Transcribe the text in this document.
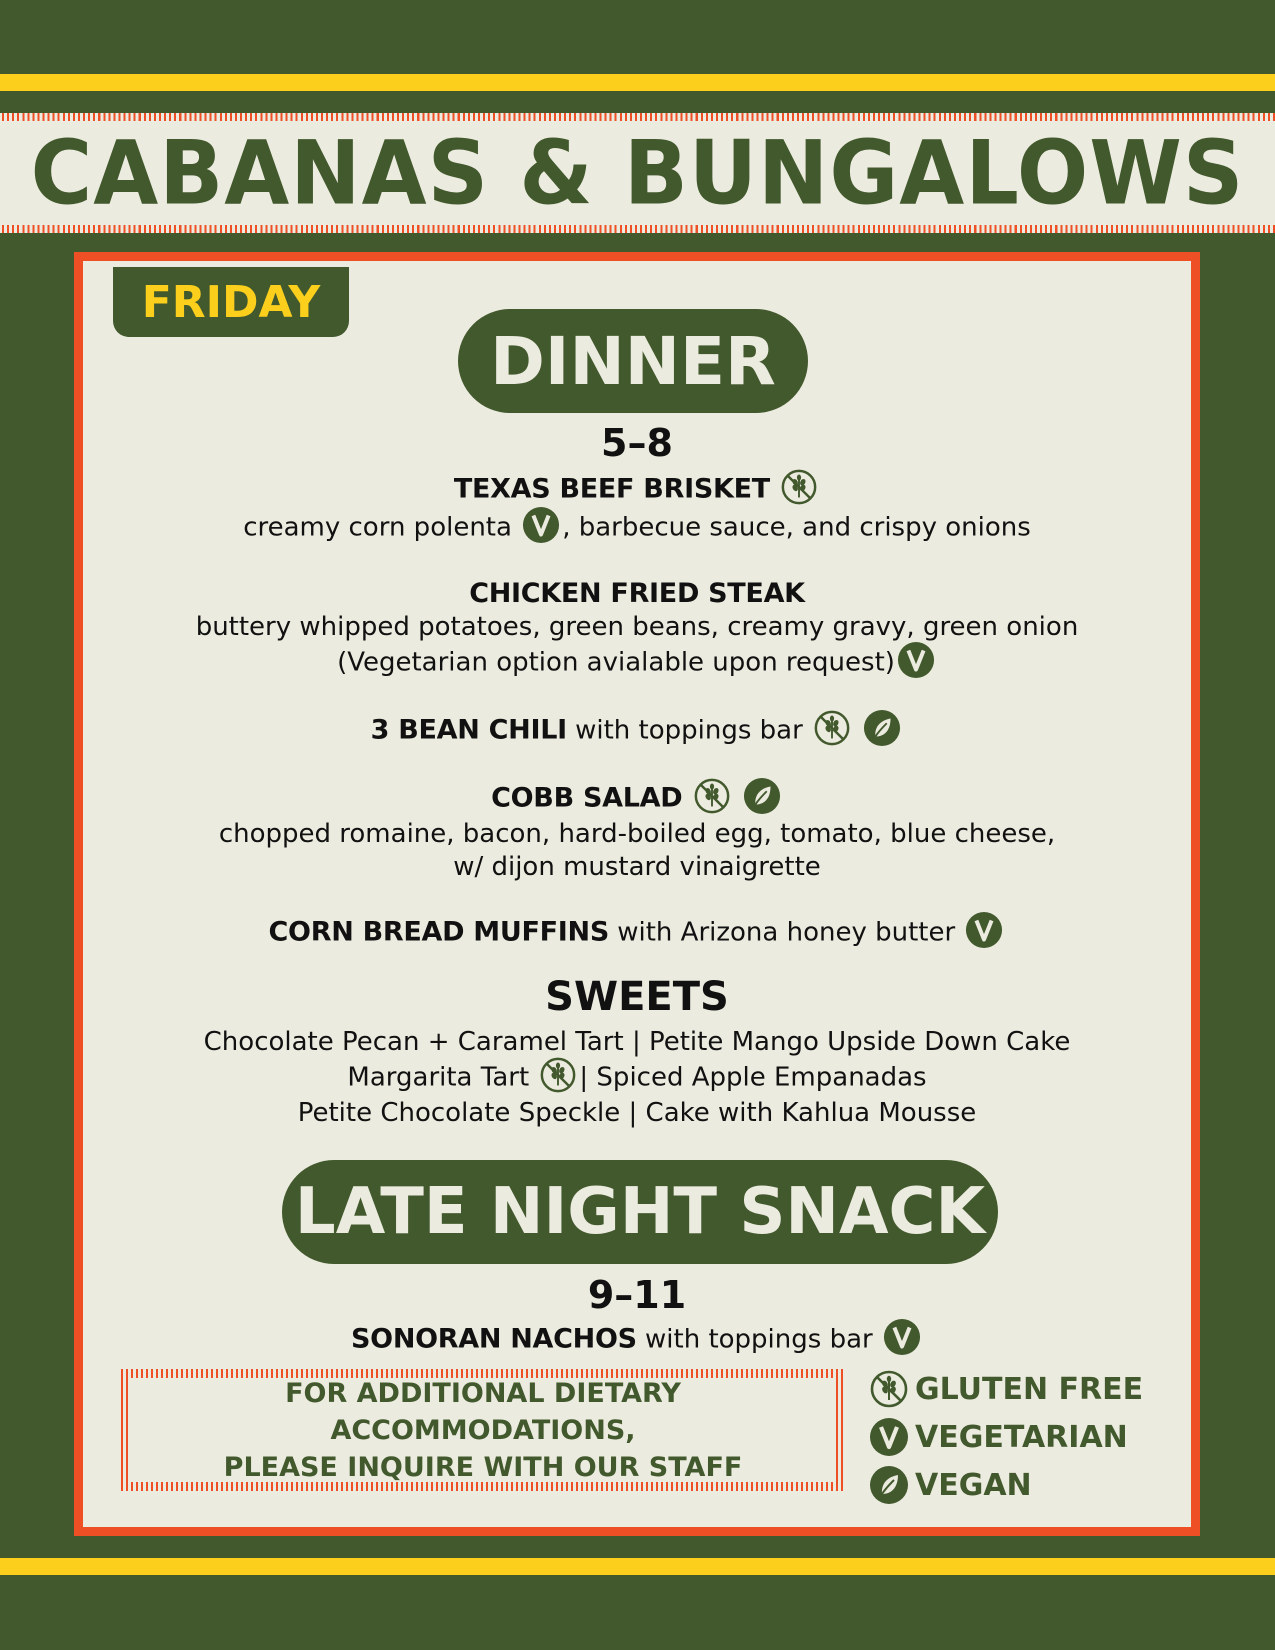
CABANAS & BUNGALOWS
FRIDAY
DINNER
5–8
TEXAS BEEF BRISKET
creamy corn polenta , barbecue sauce, and crispy onions
CHICKEN FRIED STEAK
buttery whipped potatoes, green beans, creamy gravy, green onion
(Vegetarian option avialable upon request)
3 BEAN CHILI with toppings bar

COBB SALAD

chopped romaine, bacon, hard-boiled egg, tomato, blue cheese,
w/ dijon mustard vinaigrette
CORN BREAD MUFFINS with Arizona honey butter
SWEETS
Chocolate Pecan + Caramel Tart | Petite Mango Upside Down Cake
Margarita Tart | Spiced Apple Empanadas
Petite Chocolate Speckle | Cake with Kahlua Mousse
LATE NIGHT SNACK
9–11
SONORAN NACHOS with toppings bar
FOR ADDITIONAL DIETARY ACCOMMODATIONS,
PLEASE INQUIRE WITH OUR STAFF
GLUTEN FREE
VEGETARIAN
VEGAN
